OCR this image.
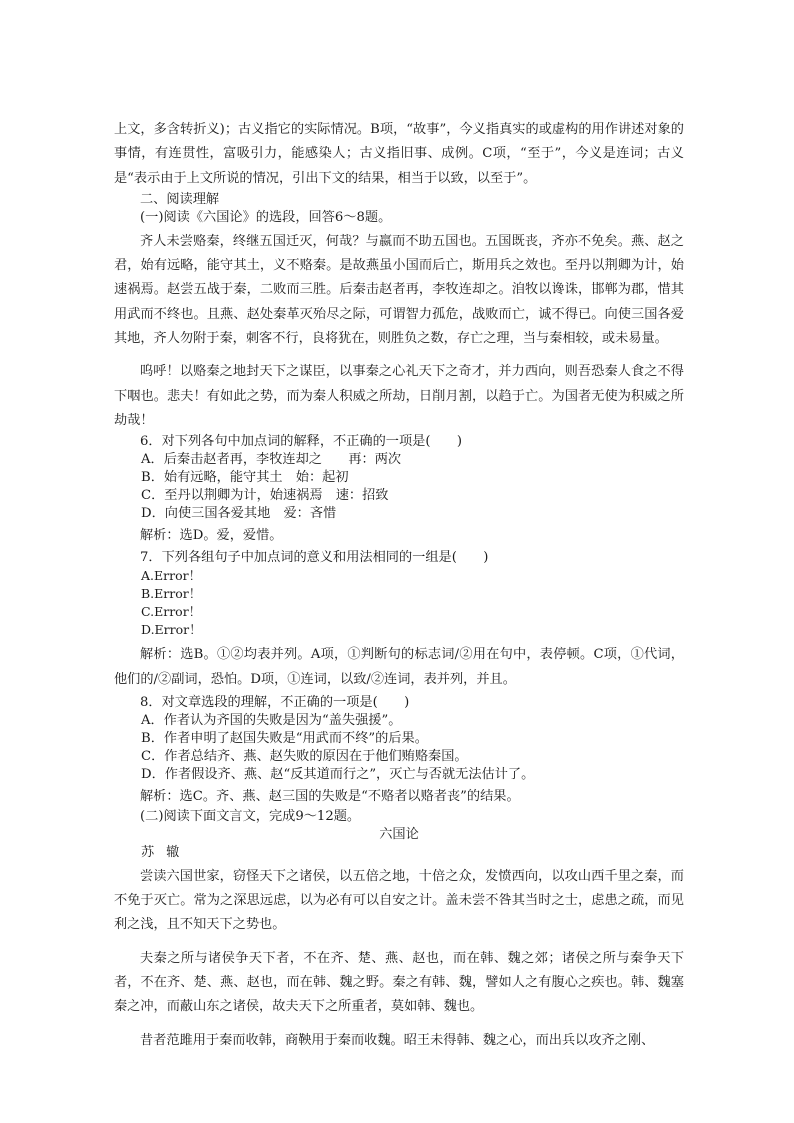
上文，多含转折义)；古义指它的实际情况。B项，“故事”，今义指真实的或虚构的用作讲述对象的事情，有连贯性，富吸引力，能感染人；古义指旧事、成例。C项，“至于”，今义是连词；古义是“表示由于上文所说的情况，引出下文的结果，相当于以致，以至于”。

二、阅读理解

(一)阅读《六国论》的选段，回答6～8题。

齐人未尝赂秦，终继五国迁灭，何哉？与嬴而不助五国也。五国既丧，齐亦不免矣。燕、赵之君，始有远略，能守其土，义不赂秦。是故燕虽小国而后亡，斯用兵之效也。至丹以荆卿为计，始速祸焉。赵尝五战于秦，二败而三胜。后秦击赵者再，李牧连却之。洎牧以谗诛，邯郸为郡，惜其用武而不终也。且燕、赵处秦革灭殆尽之际，可谓智力孤危，战败而亡，诚不得已。向使三国各爱其地，齐人勿附于秦，刺客不行，良将犹在，则胜负之数，存亡之理，当与秦相较，或未易量。

呜呼！以赂秦之地封天下之谋臣，以事秦之心礼天下之奇才，并力西向，则吾恐秦人食之不得下咽也。悲夫！有如此之势，而为秦人积威之所劫，日削月割，以趋于亡。为国者无使为积威之所劫哉！

6．对下列各句中加点词的解释，不正确的一项是(　　)

A．后秦击赵者再，李牧连却之　　再：两次

B．始有远略，能守其土　始：起初

C．至丹以荆卿为计，始速祸焉　速：招致

D．向使三国各爱其地　爱：吝惜

解析：选D。爱，爱惜。

7．下列各组句子中加点词的意义和用法相同的一组是(　　)

A.Error！

B.Error！

C.Error！

D.Error！

解析：选B。①②均表并列。A项，①判断句的标志词/②用在句中，表停顿。C项，①代词，他们的/②副词，恐怕。D项，①连词，以致/②连词，表并列，并且。

8．对文章选段的理解，不正确的一项是(　　)

A．作者认为齐国的失败是因为“盖失强援”。

B．作者申明了赵国失败是“用武而不终”的后果。

C．作者总结齐、燕、赵失败的原因在于他们贿赂秦国。

D．作者假设齐、燕、赵“反其道而行之”，灭亡与否就无法估计了。

解析：选C。齐、燕、赵三国的失败是“不赂者以赂者丧”的结果。

(二)阅读下面文言文，完成9～12题。

六国论

苏辙

尝读六国世家，窃怪天下之诸侯，以五倍之地，十倍之众，发愤西向，以攻山西千里之秦，而不免于灭亡。常为之深思远虑，以为必有可以自安之计。盖未尝不咎其当时之士，虑患之疏，而见利之浅，且不知天下之势也。

夫秦之所与诸侯争天下者，不在齐、楚、燕、赵也，而在韩、魏之郊；诸侯之所与秦争天下者，不在齐、楚、燕、赵也，而在韩、魏之野。秦之有韩、魏，譬如人之有腹心之疾也。韩、魏塞秦之冲，而蔽山东之诸侯，故夫天下之所重者，莫如韩、魏也。

昔者范雎用于秦而收韩，商鞅用于秦而收魏。昭王未得韩、魏之心，而出兵以攻齐之刚、
